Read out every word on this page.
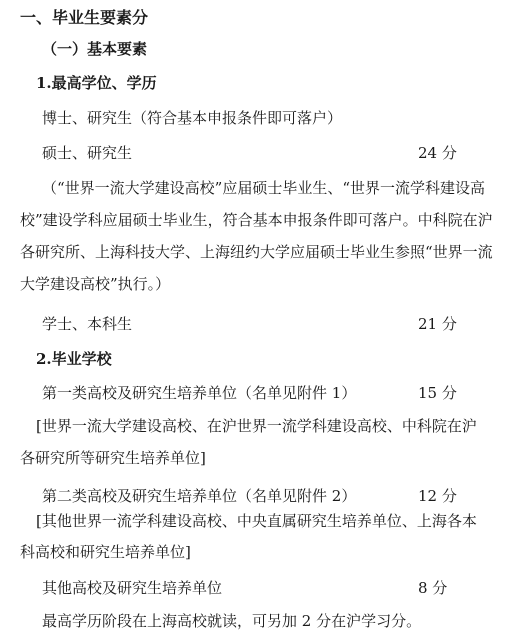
一、毕业生要素分
（一）基本要素
1.最高学位、学历
博士、研究生（符合基本申报条件即可落户）
硕士、研究生	24 分
（“世界一流大学建设高校”应届硕士毕业生、“世界一流学科建设高
校”建设学科应届硕士毕业生，符合基本申报条件即可落户。中科院在沪
各研究所、上海科技大学、上海纽约大学应届硕士毕业生参照“世界一流
大学建设高校”执行。）
学士、本科生	21 分
2.毕业学校
第一类高校及研究生培养单位（名单见附件 1）	15 分
[世界一流大学建设高校、在沪世界一流学科建设高校、中科院在沪
各研究所等研究生培养单位]
第二类高校及研究生培养单位（名单见附件 2）	12 分
[其他世界一流学科建设高校、中央直属研究生培养单位、上海各本
科高校和研究生培养单位]
其他高校及研究生培养单位	8 分
最高学历阶段在上海高校就读，可另加 2 分在沪学习分。
